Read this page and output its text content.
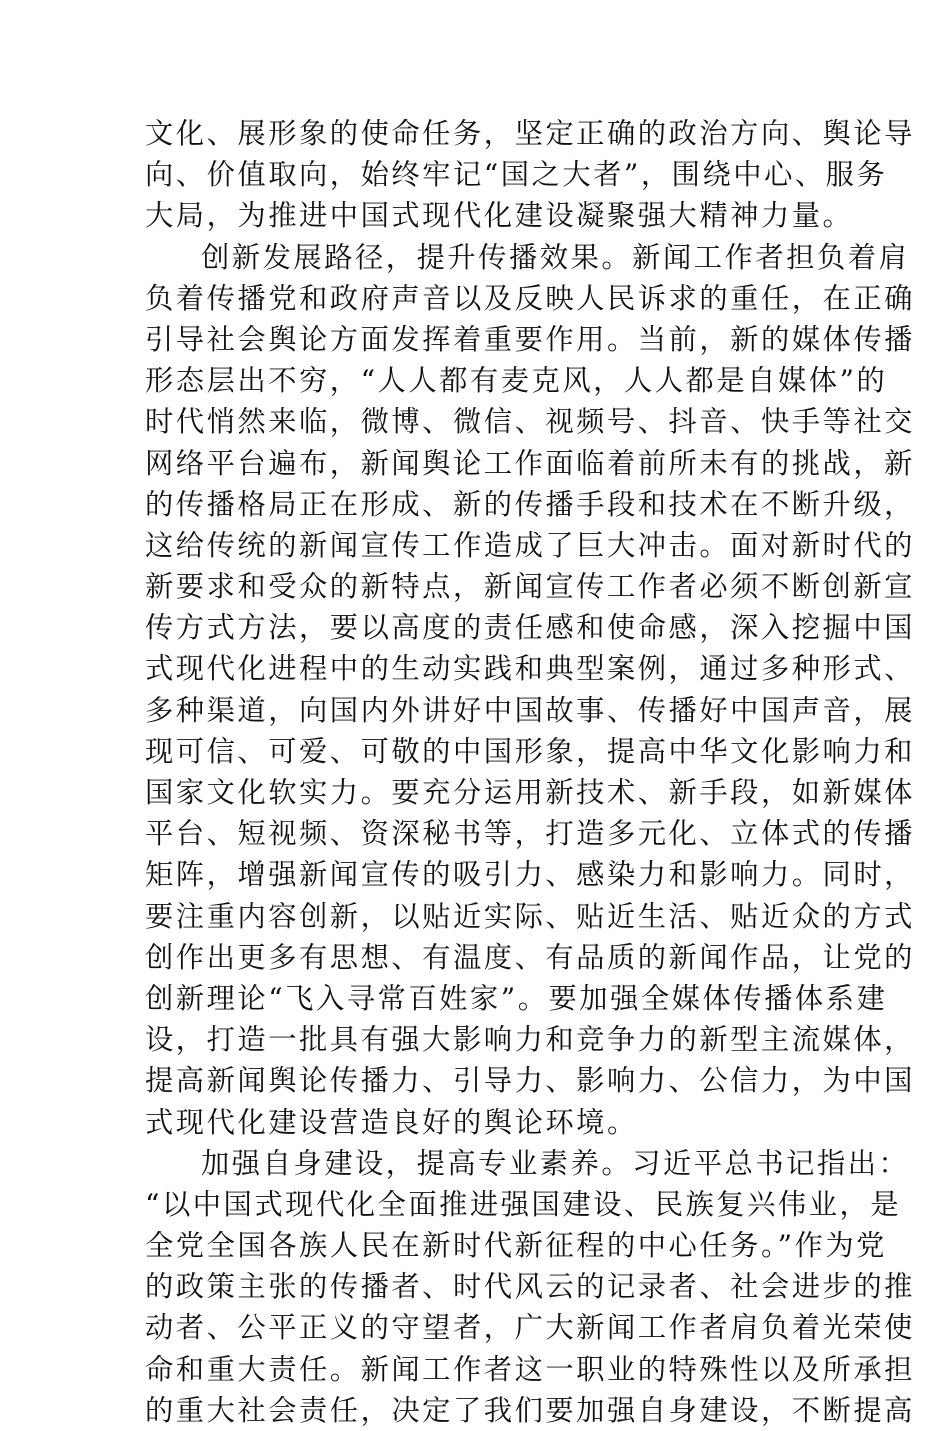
文化、展形象的使命任务，坚定正确的政治方向、舆论导
向、价值取向，始终牢记“国之大者”，围绕中心、服务
大局，为推进中国式现代化建设凝聚强大精神力量。
创新发展路径，提升传播效果。新闻工作者担负着肩
负着传播党和政府声音以及反映人民诉求的重任，在正确
引导社会舆论方面发挥着重要作用。当前，新的媒体传播
形态层出不穷，“人人都有麦克风，人人都是自媒体”的
时代悄然来临，微博、微信、视频号、抖音、快手等社交
网络平台遍布，新闻舆论工作面临着前所未有的挑战，新
的传播格局正在形成、新的传播手段和技术在不断升级，
这给传统的新闻宣传工作造成了巨大冲击。面对新时代的
新要求和受众的新特点，新闻宣传工作者必须不断创新宣
传方式方法，要以高度的责任感和使命感，深入挖掘中国
式现代化进程中的生动实践和典型案例，通过多种形式、
多种渠道，向国内外讲好中国故事、传播好中国声音，展
现可信、可爱、可敬的中国形象，提高中华文化影响力和
国家文化软实力。要充分运用新技术、新手段，如新媒体
平台、短视频、资深秘书等，打造多元化、立体式的传播
矩阵，增强新闻宣传的吸引力、感染力和影响力。同时，
要注重内容创新，以贴近实际、贴近生活、贴近众的方式
创作出更多有思想、有温度、有品质的新闻作品，让党的
创新理论“飞入寻常百姓家”。要加强全媒体传播体系建
设，打造一批具有强大影响力和竞争力的新型主流媒体，
提高新闻舆论传播力、引导力、影响力、公信力，为中国
式现代化建设营造良好的舆论环境。
加强自身建设，提高专业素养。习近平总书记指出：
“以中国式现代化全面推进强国建设、民族复兴伟业，是
全党全国各族人民在新时代新征程的中心任务。”作为党
的政策主张的传播者、时代风云的记录者、社会进步的推
动者、公平正义的守望者，广大新闻工作者肩负着光荣使
命和重大责任。新闻工作者这一职业的特殊性以及所承担
的重大社会责任，决定了我们要加强自身建设，不断提高
